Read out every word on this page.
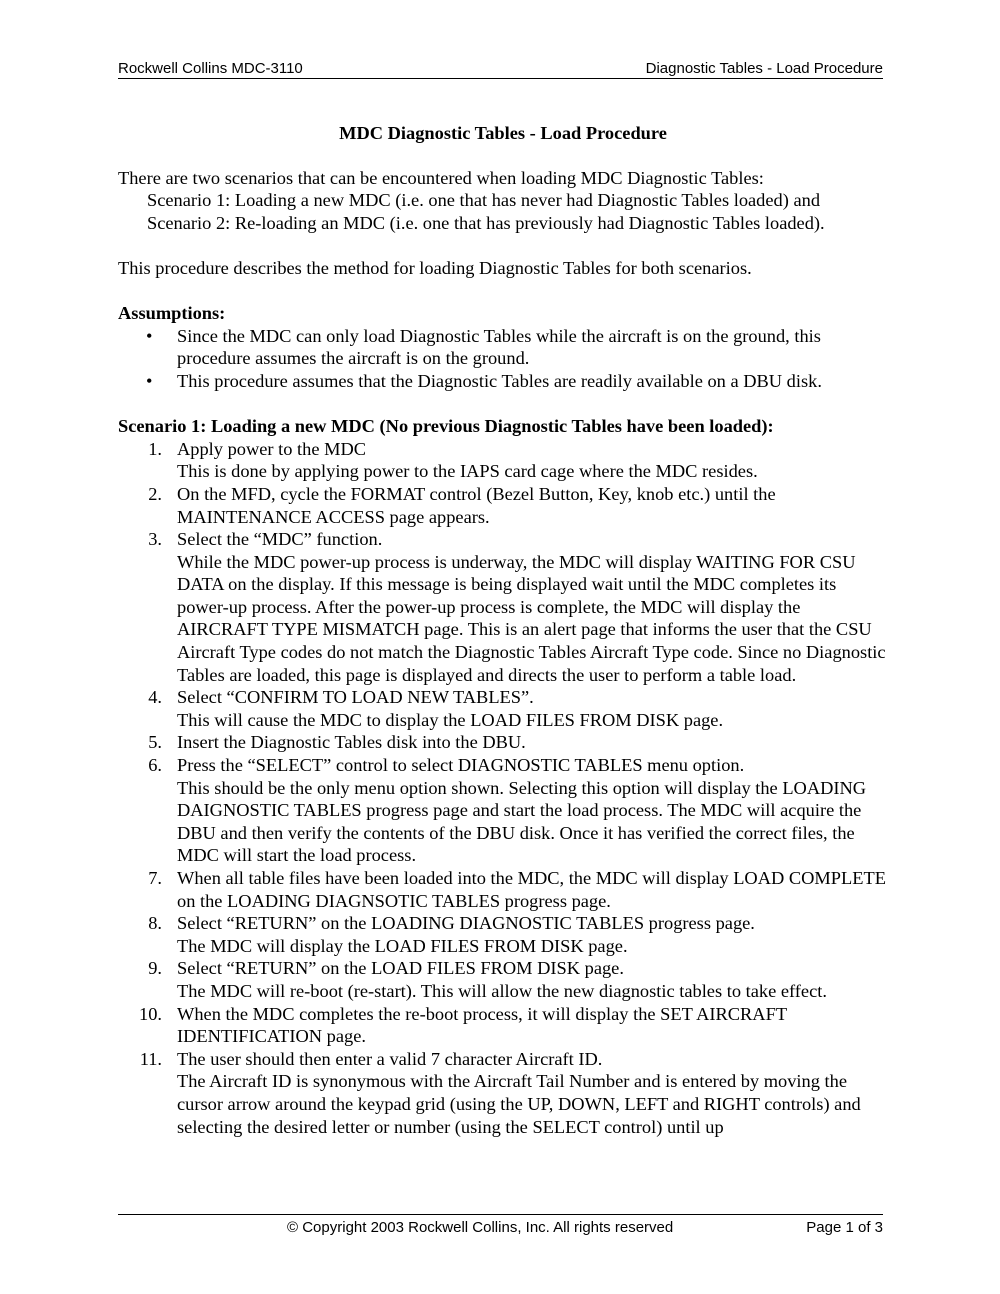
Rockwell Collins MDC-3110	Diagnostic Tables - Load Procedure

MDC Diagnostic Tables - Load Procedure

There are two scenarios that can be encountered when loading MDC Diagnostic Tables:

Scenario 1: Loading a new MDC (i.e. one that has never had Diagnostic Tables loaded) and

Scenario 2: Re-loading an MDC (i.e. one that has previously had Diagnostic Tables loaded).

This procedure describes the method for loading Diagnostic Tables for both scenarios.

Assumptions:

• Since the MDC can only load Diagnostic Tables while the aircraft is on the ground, this procedure assumes the aircraft is on the ground.
• This procedure assumes that the Diagnostic Tables are readily available on a DBU disk.

Scenario 1: Loading a new MDC (No previous Diagnostic Tables have been loaded):

1. Apply power to the MDC
This is done by applying power to the IAPS card cage where the MDC resides.
2. On the MFD, cycle the FORMAT control (Bezel Button, Key, knob etc.) until the MAINTENANCE ACCESS page appears.
3. Select the “MDC” function.
While the MDC power-up process is underway, the MDC will display WAITING FOR CSU DATA on the display. If this message is being displayed wait until the MDC completes its power-up process. After the power-up process is complete, the MDC will display the AIRCRAFT TYPE MISMATCH page. This is an alert page that informs the user that the CSU Aircraft Type codes do not match the Diagnostic Tables Aircraft Type code. Since no Diagnostic Tables are loaded, this page is displayed and directs the user to perform a table load.
4. Select “CONFIRM TO LOAD NEW TABLES”.
This will cause the MDC to display the LOAD FILES FROM DISK page.
5. Insert the Diagnostic Tables disk into the DBU.
6. Press the “SELECT” control to select DIAGNOSTIC TABLES menu option.
This should be the only menu option shown. Selecting this option will display the LOADING DAIGNOSTIC TABLES progress page and start the load process. The MDC will acquire the DBU and then verify the contents of the DBU disk. Once it has verified the correct files, the MDC will start the load process.
7. When all table files have been loaded into the MDC, the MDC will display LOAD COMPLETE on the LOADING DIAGNSOTIC TABLES progress page.
8. Select “RETURN” on the LOADING DIAGNOSTIC TABLES progress page.
The MDC will display the LOAD FILES FROM DISK page.
9. Select “RETURN” on the LOAD FILES FROM DISK page.
The MDC will re-boot (re-start). This will allow the new diagnostic tables to take effect.
10. When the MDC completes the re-boot process, it will display the SET AIRCRAFT IDENTIFICATION page.
11. The user should then enter a valid 7 character Aircraft ID.
The Aircraft ID is synonymous with the Aircraft Tail Number and is entered by moving the cursor arrow around the keypad grid (using the UP, DOWN, LEFT and RIGHT controls) and selecting the desired letter or number (using the SELECT control) until up
© Copyright 2003 Rockwell Collins, Inc. All rights reserved	Page 1 of 3
